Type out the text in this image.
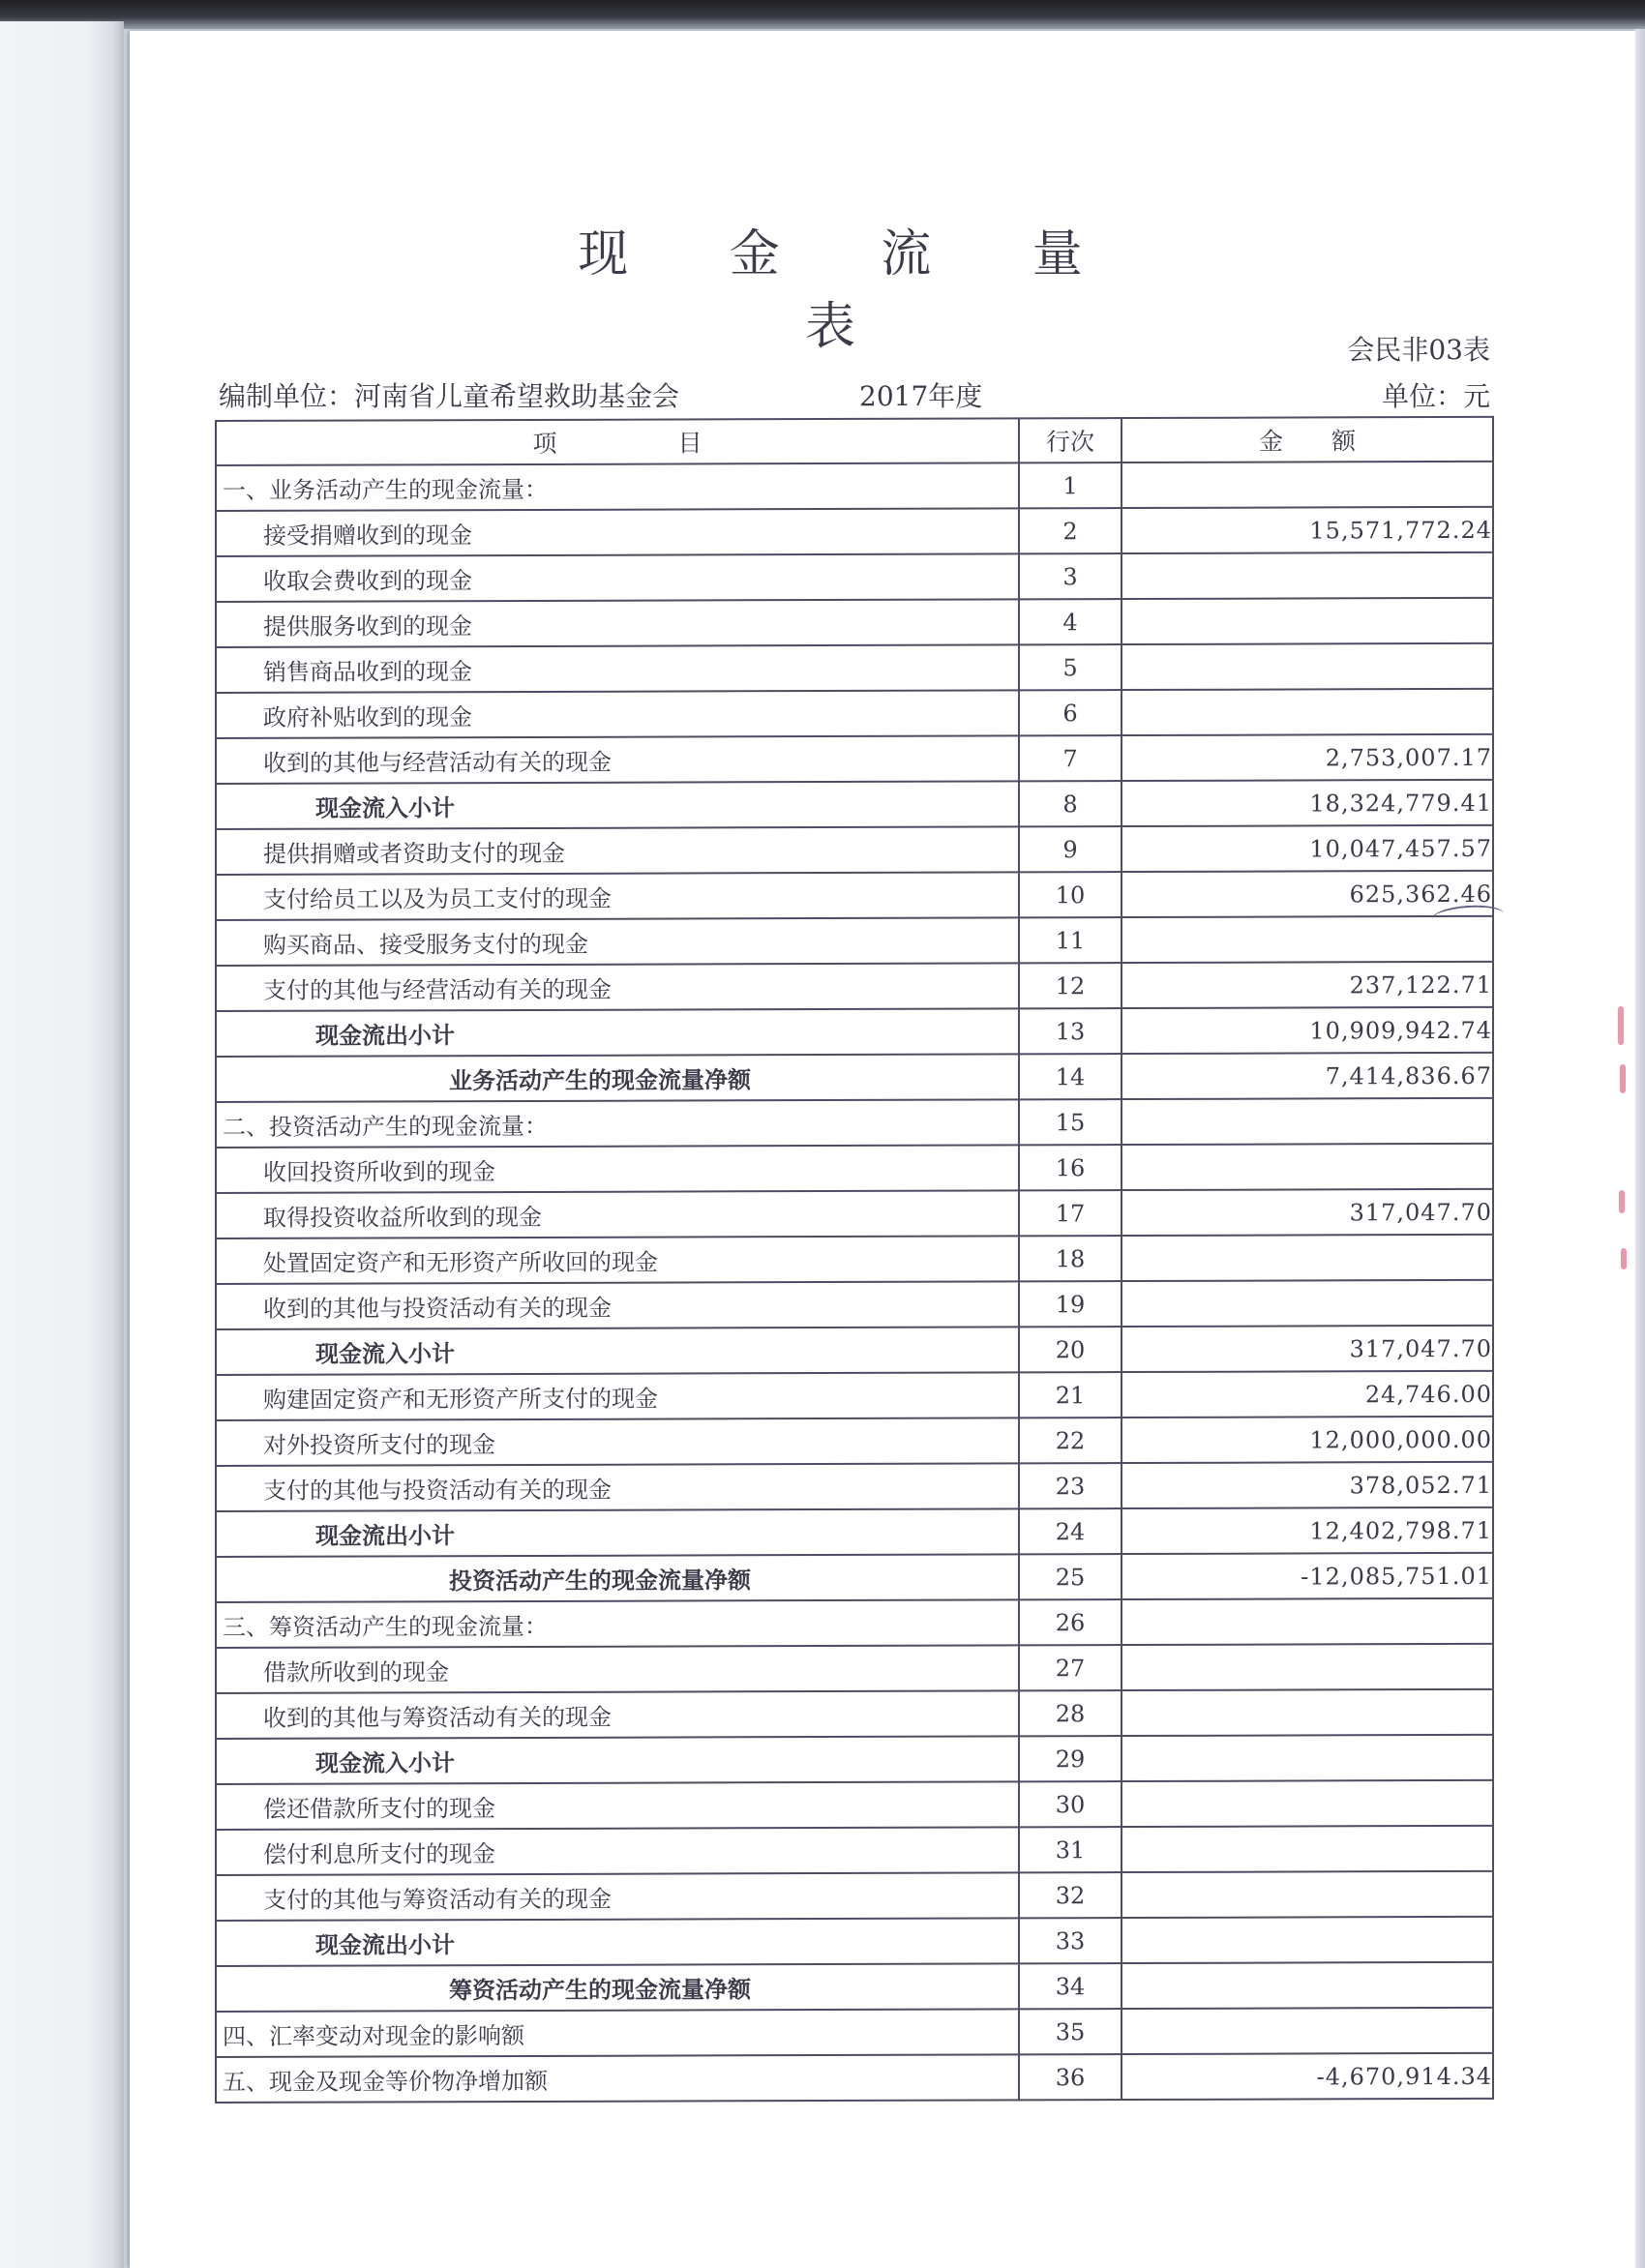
现 金 流 量 表	会民非03表
编制单位：河南省儿童希望救助基金会	2017年度	单位：元
项　　　　　目	行次	金　　额
一、业务活动产生的现金流量：	1	
接受捐赠收到的现金	2	15,571,772.24
收取会费收到的现金	3	
提供服务收到的现金	4	
销售商品收到的现金	5	
政府补贴收到的现金	6	
收到的其他与经营活动有关的现金	7	2,753,007.17
现金流入小计	8	18,324,779.41
提供捐赠或者资助支付的现金	9	10,047,457.57
支付给员工以及为员工支付的现金	10	625,362.46
购买商品、接受服务支付的现金	11	
支付的其他与经营活动有关的现金	12	237,122.71
现金流出小计	13	10,909,942.74
业务活动产生的现金流量净额	14	7,414,836.67
二、投资活动产生的现金流量：	15	
收回投资所收到的现金	16	
取得投资收益所收到的现金	17	317,047.70
处置固定资产和无形资产所收回的现金	18	
收到的其他与投资活动有关的现金	19	
现金流入小计	20	317,047.70
购建固定资产和无形资产所支付的现金	21	24,746.00
对外投资所支付的现金	22	12,000,000.00
支付的其他与投资活动有关的现金	23	378,052.71
现金流出小计	24	12,402,798.71
投资活动产生的现金流量净额	25	-12,085,751.01
三、筹资活动产生的现金流量：	26	
借款所收到的现金	27	
收到的其他与筹资活动有关的现金	28	
现金流入小计	29	
偿还借款所支付的现金	30	
偿付利息所支付的现金	31	
支付的其他与筹资活动有关的现金	32	
现金流出小计	33	
筹资活动产生的现金流量净额	34	
四、汇率变动对现金的影响额	35	
五、现金及现金等价物净增加额	36	-4,670,914.34
